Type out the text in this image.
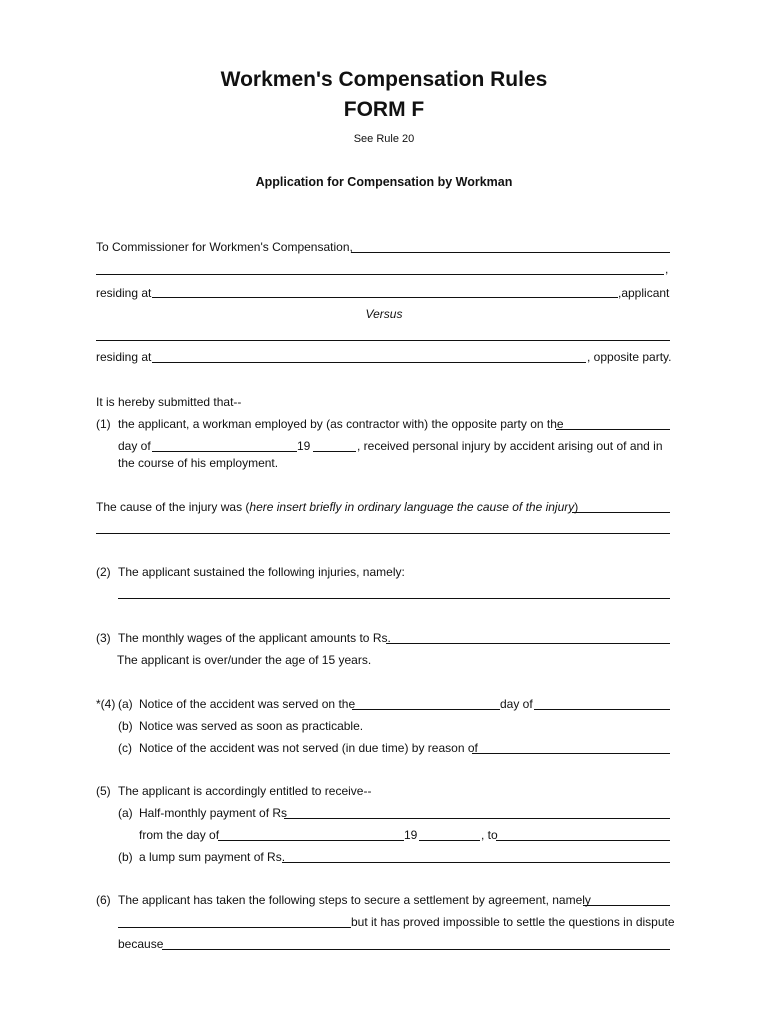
Workmen's Compensation Rules
FORM F
See Rule 20
Application for Compensation by Workman
To Commissioner for Workmen's Compensation,
,
residing at	,applicant
Versus
residing at	, opposite party.
It is hereby submitted that--
(1) the applicant, a workman employed by (as contractor with) the opposite party on the
day of	19	, received personal injury by accident arising out of and in
the course of his employment.
The cause of the injury was (here insert briefly in ordinary language the cause of the injury)
(2) The applicant sustained the following injuries, namely:
(3) The monthly wages of the applicant amounts to Rs.
The applicant is over/under the age of 15 years.
*(4) (a) Notice of the accident was served on the	day of
(b) Notice was served as soon as practicable.
(c) Notice of the accident was not served (in due time) by reason of
(5) The applicant is accordingly entitled to receive--
(a) Half-monthly payment of Rs
from the day of	19	, to
(b) a lump sum payment of Rs.
(6) The applicant has taken the following steps to secure a settlement by agreement, namely
but it has proved impossible to settle the questions in dispute
because
